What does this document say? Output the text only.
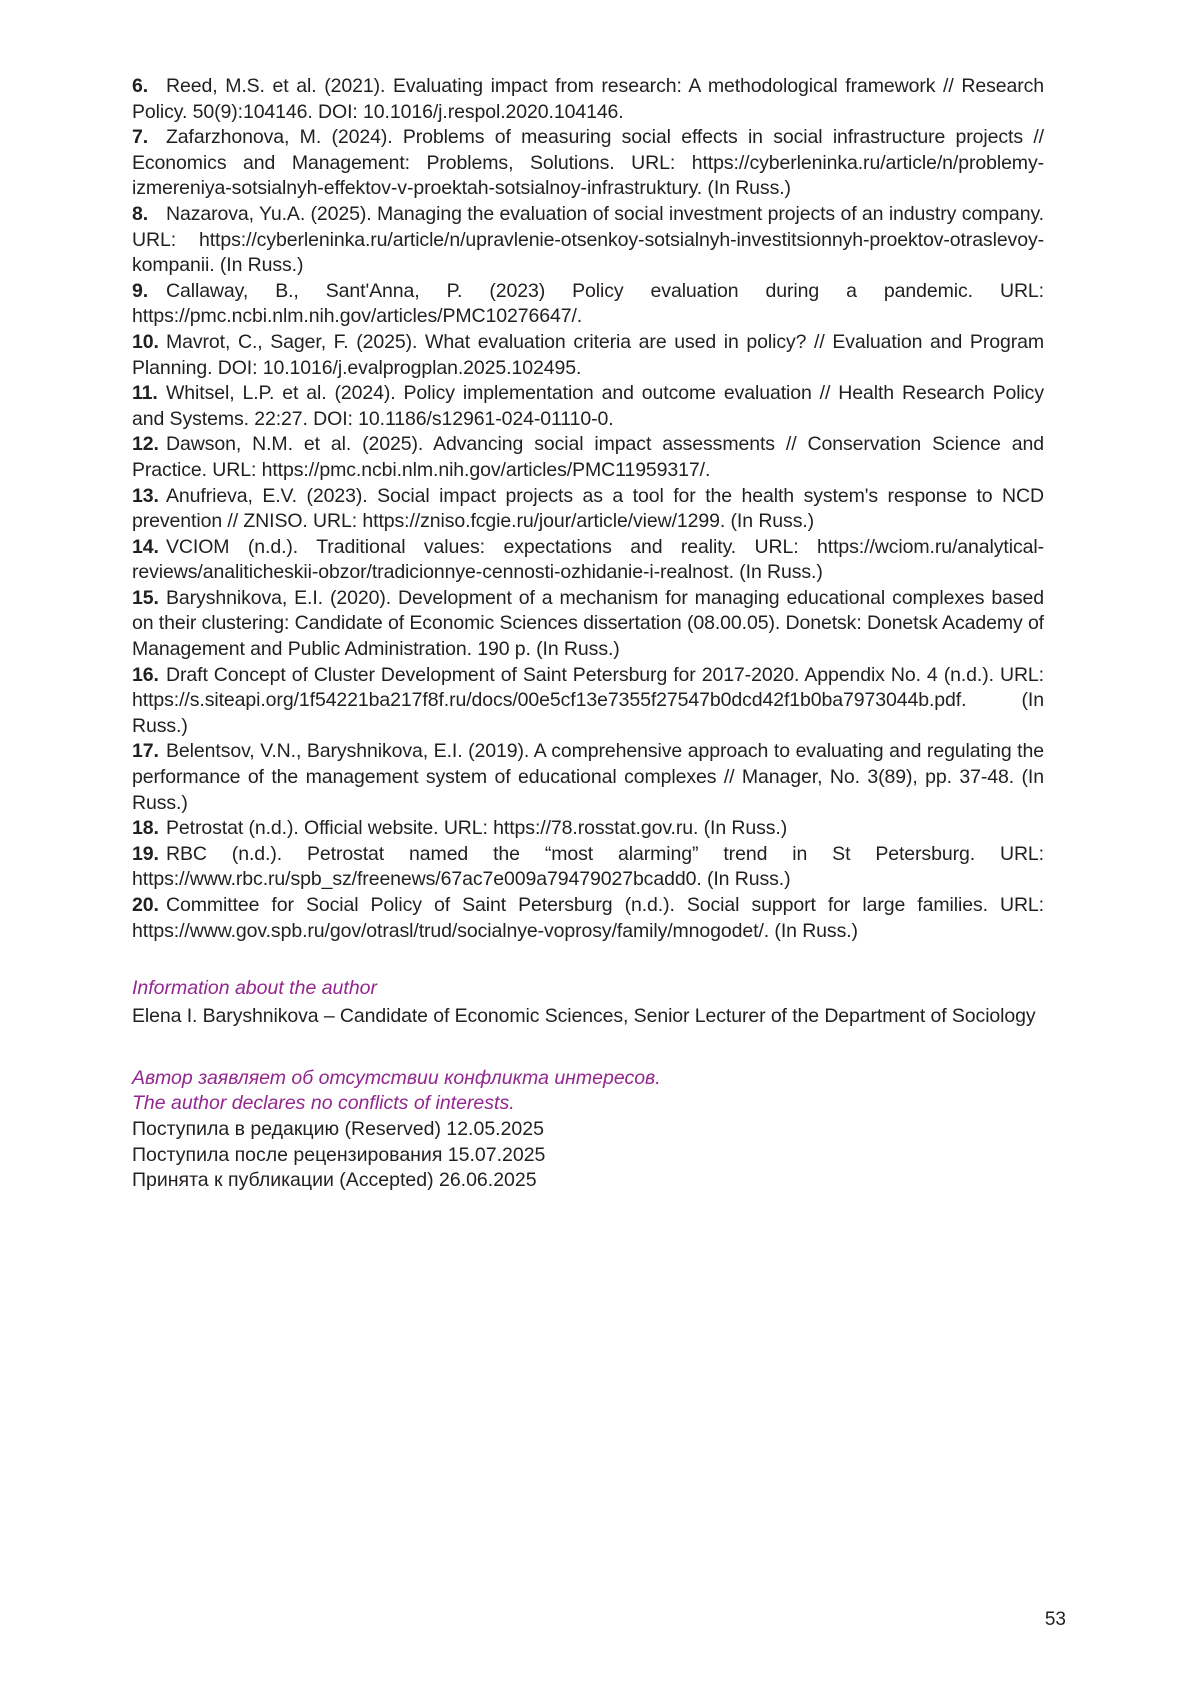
6. Reed, M.S. et al. (2021). Evaluating impact from research: A methodological framework // Research Policy. 50(9):104146. DOI: 10.1016/j.respol.2020.104146.
7. Zafarzhonova, M. (2024). Problems of measuring social effects in social infrastructure projects // Economics and Management: Problems, Solutions. URL: https://cyberleninka.ru/article/n/problemy-izmereniya-sotsialnyh-effektov-v-proektah-sotsialnoy-infrastruktury. (In Russ.)
8. Nazarova, Yu.A. (2025). Managing the evaluation of social investment projects of an industry company. URL: https://cyberleninka.ru/article/n/upravlenie-otsenkoy-sotsialnyh-investitsionnyh-proektov-otraslevoy-kompanii. (In Russ.)
9. Callaway, B., Sant'Anna, P. (2023) Policy evaluation during a pandemic. URL: https://pmc.ncbi.nlm.nih.gov/articles/PMC10276647/.
10. Mavrot, C., Sager, F. (2025). What evaluation criteria are used in policy? // Evaluation and Program Planning. DOI: 10.1016/j.evalprogplan.2025.102495.
11. Whitsel, L.P. et al. (2024). Policy implementation and outcome evaluation // Health Research Policy and Systems. 22:27. DOI: 10.1186/s12961-024-01110-0.
12. Dawson, N.M. et al. (2025). Advancing social impact assessments // Conservation Science and Practice. URL: https://pmc.ncbi.nlm.nih.gov/articles/PMC11959317/.
13. Anufrieva, E.V. (2023). Social impact projects as a tool for the health system's response to NCD prevention // ZNISO. URL: https://zniso.fcgie.ru/jour/article/view/1299. (In Russ.)
14. VCIOM (n.d.). Traditional values: expectations and reality. URL: https://wciom.ru/analytical-reviews/analiticheskii-obzor/tradicionnye-cennosti-ozhidanie-i-realnost. (In Russ.)
15. Baryshnikova, E.I. (2020). Development of a mechanism for managing educational complexes based on their clustering: Candidate of Economic Sciences dissertation (08.00.05). Donetsk: Donetsk Academy of Management and Public Administration. 190 p. (In Russ.)
16. Draft Concept of Cluster Development of Saint Petersburg for 2017-2020. Appendix No. 4 (n.d.). URL: https://s.siteapi.org/1f54221ba217f8f.ru/docs/00e5cf13e7355f27547b0dcd42f1b0ba7973044b.pdf. (In Russ.)
17. Belentsov, V.N., Baryshnikova, E.I. (2019). A comprehensive approach to evaluating and regulating the performance of the management system of educational complexes // Manager, No. 3(89), pp. 37-48. (In Russ.)
18. Petrostat (n.d.). Official website. URL: https://78.rosstat.gov.ru. (In Russ.)
19. RBC (n.d.). Petrostat named the “most alarming” trend in St Petersburg. URL: https://www.rbc.ru/spb_sz/freenews/67ac7e009a79479027bcadd0. (In Russ.)
20. Committee for Social Policy of Saint Petersburg (n.d.). Social support for large families. URL: https://www.gov.spb.ru/gov/otrasl/trud/socialnye-voprosy/family/mnogodet/. (In Russ.)
Information about the author

Elena I. Baryshnikova – Candidate of Economic Sciences, Senior Lecturer of the Department of Sociology

Автор заявляет об отсутствии конфликта интересов.

The author declares no conflicts of interests.

Поступила в редакцию (Reserved) 12.05.2025

Поступила после рецензирования 15.07.2025

Принята к публикации (Accepted) 26.06.2025

53
